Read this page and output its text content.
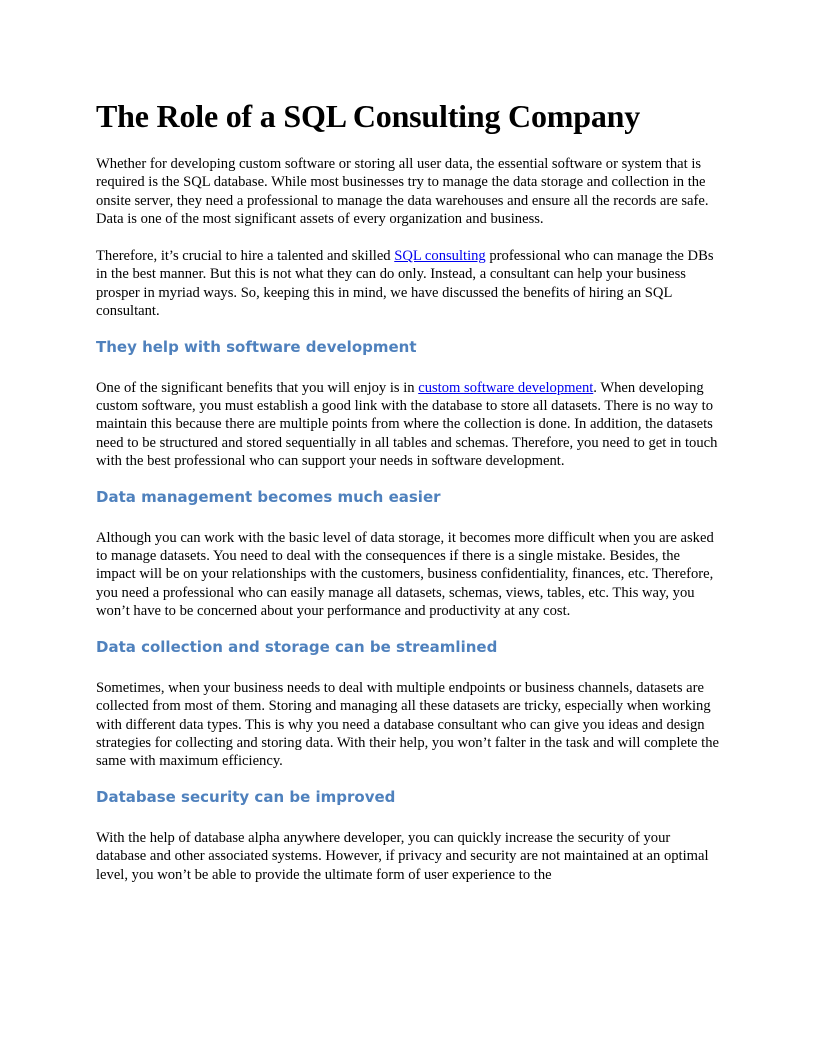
The Role of a SQL Consulting Company

Whether for developing custom software or storing all user data, the essential software or system that is required is the SQL database. While most businesses try to manage the data storage and collection in the onsite server, they need a professional to manage the data warehouses and ensure all the records are safe. Data is one of the most significant assets of every organization and business.

Therefore, it’s crucial to hire a talented and skilled SQL consulting professional who can manage the DBs in the best manner. But this is not what they can do only. Instead, a consultant can help your business prosper in myriad ways. So, keeping this in mind, we have discussed the benefits of hiring an SQL consultant.

They help with software development

One of the significant benefits that you will enjoy is in custom software development. When developing custom software, you must establish a good link with the database to store all datasets. There is no way to maintain this because there are multiple points from where the collection is done. In addition, the datasets need to be structured and stored sequentially in all tables and schemas. Therefore, you need to get in touch with the best professional who can support your needs in software development.

Data management becomes much easier

Although you can work with the basic level of data storage, it becomes more difficult when you are asked to manage datasets. You need to deal with the consequences if there is a single mistake. Besides, the impact will be on your relationships with the customers, business confidentiality, finances, etc. Therefore, you need a professional who can easily manage all datasets, schemas, views, tables, etc. This way, you won’t have to be concerned about your performance and productivity at any cost.

Data collection and storage can be streamlined

Sometimes, when your business needs to deal with multiple endpoints or business channels, datasets are collected from most of them. Storing and managing all these datasets are tricky, especially when working with different data types. This is why you need a database consultant who can give you ideas and design strategies for collecting and storing data. With their help, you won’t falter in the task and will complete the same with maximum efficiency.

Database security can be improved

With the help of database alpha anywhere developer, you can quickly increase the security of your database and other associated systems. However, if privacy and security are not maintained at an optimal level, you won’t be able to provide the ultimate form of user experience to the
